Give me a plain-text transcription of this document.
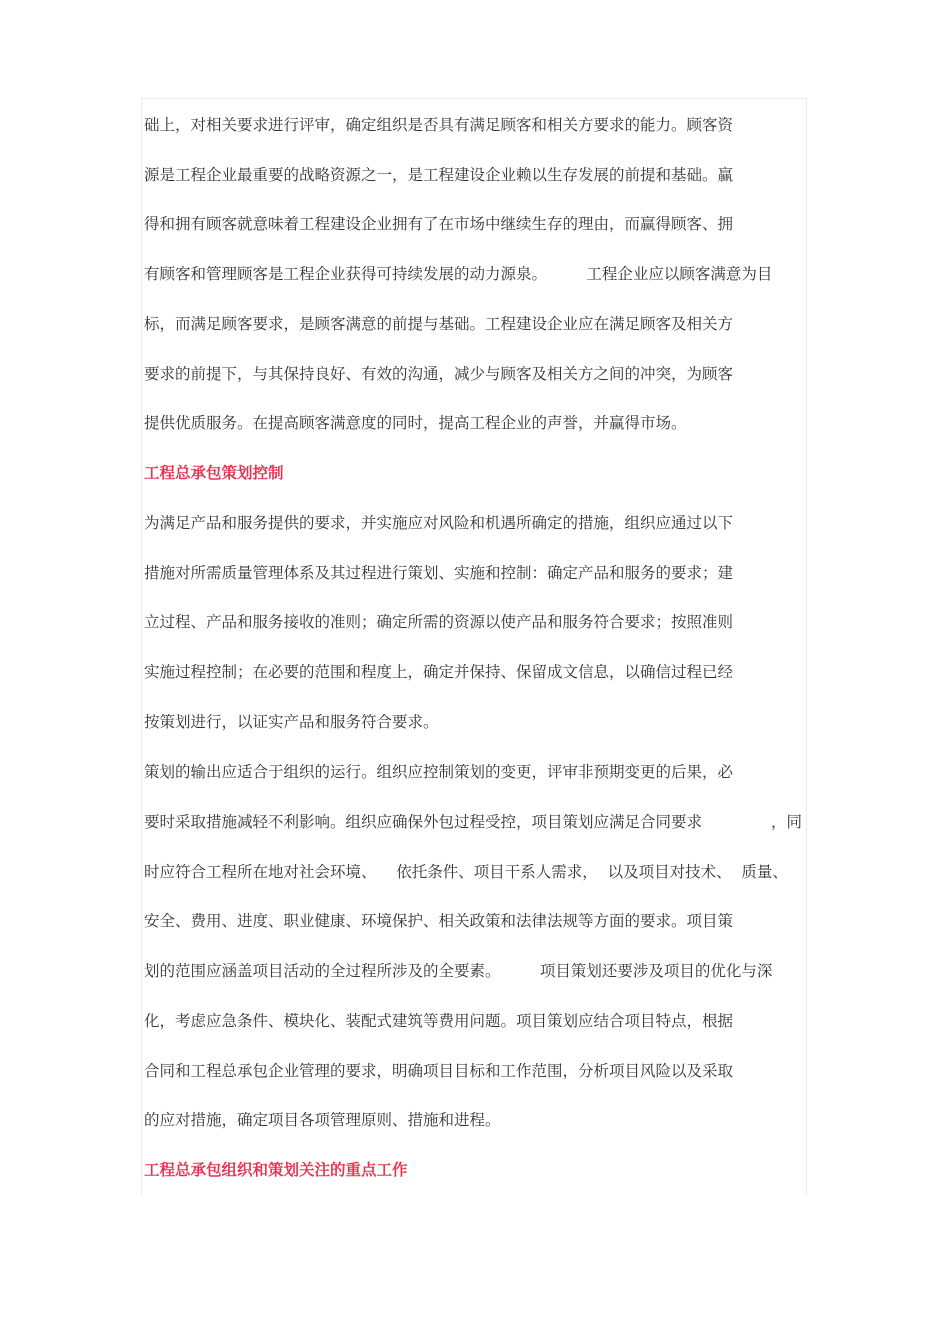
础上，对相关要求进行评审，确定组织是否具有满足顾客和相关方要求的能力。顾客资
源是工程企业最重要的战略资源之一，是工程建设企业赖以生存发展的前提和基础。赢
得和拥有顾客就意味着工程建设企业拥有了在市场中继续生存的理由，而赢得顾客、拥
有顾客和管理顾客是工程企业获得可持续发展的动力源泉。        工程企业应以顾客满意为目
标，而满足顾客要求，是顾客满意的前提与基础。工程建设企业应在满足顾客及相关方
要求的前提下，与其保持良好、有效的沟通，减少与顾客及相关方之间的冲突，为顾客
提供优质服务。在提高顾客满意度的同时，提高工程企业的声誉，并赢得市场。
工程总承包策划控制
为满足产品和服务提供的要求，并实施应对风险和机遇所确定的措施，组织应通过以下
措施对所需质量管理体系及其过程进行策划、实施和控制：确定产品和服务的要求；建
立过程、产品和服务接收的准则；确定所需的资源以使产品和服务符合要求；按照准则
实施过程控制；在必要的范围和程度上，确定并保持、保留成文信息，以确信过程已经
按策划进行，以证实产品和服务符合要求。
策划的输出应适合于组织的运行。组织应控制策划的变更，评审非预期变更的后果，必
要时采取措施减轻不利影响。组织应确保外包过程受控，项目策划应满足合同要求              ，同
时应符合工程所在地对社会环境、    依托条件、项目干系人需求，  以及项目对技术、  质量、
安全、费用、进度、职业健康、环境保护、相关政策和法律法规等方面的要求。项目策
划的范围应涵盖项目活动的全过程所涉及的全要素。        项目策划还要涉及项目的优化与深
化，考虑应急条件、模块化、装配式建筑等费用问题。项目策划应结合项目特点，根据
合同和工程总承包企业管理的要求，明确项目目标和工作范围，分析项目风险以及采取
的应对措施，确定项目各项管理原则、措施和进程。
工程总承包组织和策划关注的重点工作
